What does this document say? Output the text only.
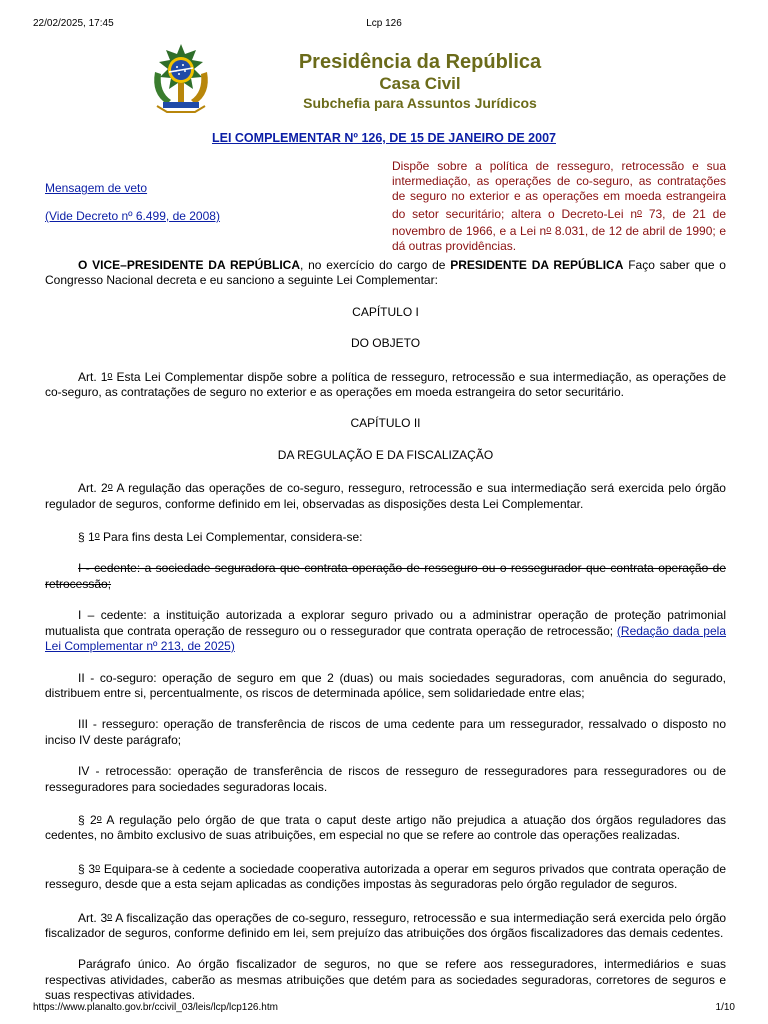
22/02/2025, 17:45	Lcp 126
Presidência da República
Casa Civil
Subchefia para Assuntos Jurídicos
LEI COMPLEMENTAR Nº 126, DE 15 DE JANEIRO DE 2007
Mensagem de veto
(Vide Decreto nº 6.499, de 2008)
Dispõe sobre a política de resseguro, retrocessão e sua intermediação, as operações de co-seguro, as contratações de seguro no exterior e as operações em moeda estrangeira do setor securitário; altera o Decreto-Lei $n^o$ 73, de 21 de novembro de 1966, e a Lei $n^o$ 8.031, de 12 de abril de 1990; e dá outras providências.

O VICE–PRESIDENTE DA REPÚBLICA, no exercício do cargo de PRESIDENTE DA REPÚBLICA Faço saber que o Congresso Nacional decreta e eu sanciono a seguinte Lei Complementar:

CAPÍTULO I
DO OBJETO

Art. 1$^o$ Esta Lei Complementar dispõe sobre a política de resseguro, retrocessão e sua intermediação, as operações de co-seguro, as contratações de seguro no exterior e as operações em moeda estrangeira do setor securitário.

CAPÍTULO II
DA REGULAÇÃO E DA FISCALIZAÇÃO

Art. 2$^o$ A regulação das operações de co-seguro, resseguro, retrocessão e sua intermediação será exercida pelo órgão regulador de seguros, conforme definido em lei, observadas as disposições desta Lei Complementar.

§ 1$^o$ Para fins desta Lei Complementar, considera-se:

I - cedente: a sociedade seguradora que contrata operação de resseguro ou o ressegurador que contrata operação de retrocessão;

I – cedente: a instituição autorizada a explorar seguro privado ou a administrar operação de proteção patrimonial mutualista que contrata operação de resseguro ou o ressegurador que contrata operação de retrocessão; (Redação dada pela Lei Complementar nº 213, de 2025)

II - co-seguro: operação de seguro em que 2 (duas) ou mais sociedades seguradoras, com anuência do segurado, distribuem entre si, percentualmente, os riscos de determinada apólice, sem solidariedade entre elas;

III - resseguro: operação de transferência de riscos de uma cedente para um ressegurador, ressalvado o disposto no inciso IV deste parágrafo;

IV - retrocessão: operação de transferência de riscos de resseguro de resseguradores para resseguradores ou de resseguradores para sociedades seguradoras locais.

§ 2$^o$ A regulação pelo órgão de que trata o caput deste artigo não prejudica a atuação dos órgãos reguladores das cedentes, no âmbito exclusivo de suas atribuições, em especial no que se refere ao controle das operações realizadas.

§ 3$^o$ Equipara-se à cedente a sociedade cooperativa autorizada a operar em seguros privados que contrata operação de resseguro, desde que a esta sejam aplicadas as condições impostas às seguradoras pelo órgão regulador de seguros.

Art. 3$^o$ A fiscalização das operações de co-seguro, resseguro, retrocessão e sua intermediação será exercida pelo órgão fiscalizador de seguros, conforme definido em lei, sem prejuízo das atribuições dos órgãos fiscalizadores das demais cedentes.

Parágrafo único. Ao órgão fiscalizador de seguros, no que se refere aos resseguradores, intermediários e suas respectivas atividades, caberão as mesmas atribuições que detém para as sociedades seguradoras, corretores de seguros e suas respectivas atividades.

https://www.planalto.gov.br/ccivil_03/leis/lcp/lcp126.htm	1/10
